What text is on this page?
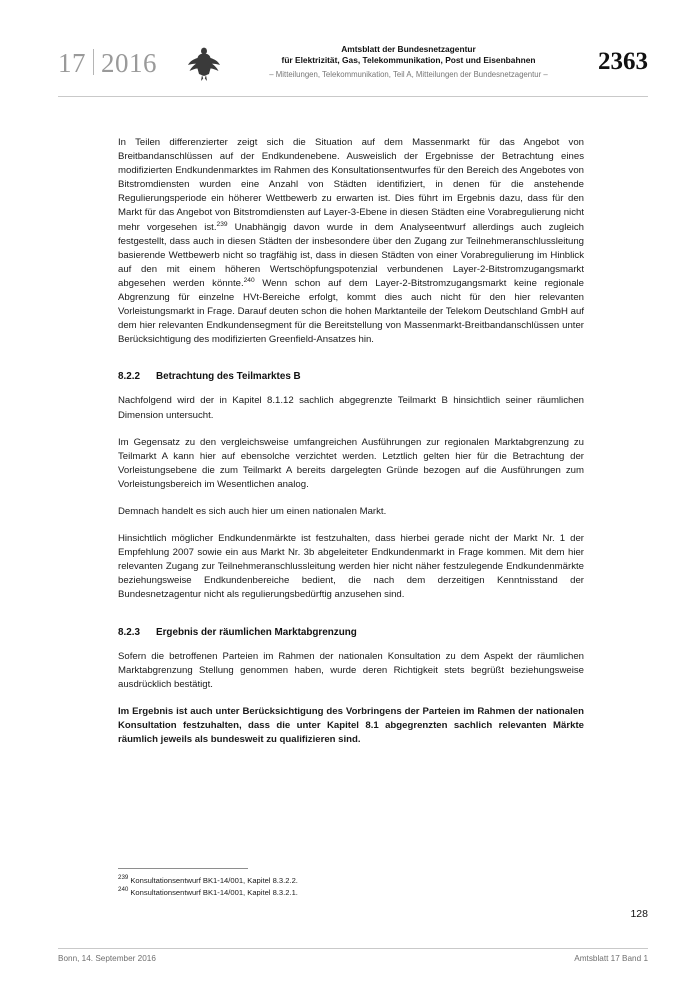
17 2016	Amtsblatt der Bundesnetzagentur
für Elektrizität, Gas, Telekommunikation, Post und Eisenbahnen
– Mitteilungen, Telekommunikation, Teil A, Mitteilungen der Bundesnetzagentur –	2363

In Teilen differenzierter zeigt sich die Situation auf dem Massenmarkt für das Angebot von Breitbandanschlüssen auf der Endkundenebene. Ausweislich der Ergebnisse der Betrachtung eines modifizierten Endkundenmarktes im Rahmen des Konsultationsentwurfes für den Bereich des Angebotes von Bitstromdiensten wurden eine Anzahl von Städten identifiziert, in denen für die anstehende Regulierungsperiode ein höherer Wettbewerb zu erwarten ist. Dies führt im Ergebnis dazu, dass für den Markt für das Angebot von Bitstromdiensten auf Layer-3-Ebene in diesen Städten eine Vorabregulierung nicht mehr vorgesehen ist.$^{239}$ Unabhängig davon wurde in dem Analyseentwurf allerdings auch zugleich festgestellt, dass auch in diesen Städten der insbesondere über den Zugang zur Teilnehmeranschlussleitung basierende Wettbewerb nicht so tragfähig ist, dass in diesen Städten von einer Vorabregulierung im Hinblick auf den mit einem höheren Wertschöpfungspotenzial verbundenen Layer-2-Bitstromzugangsmarkt abgesehen werden könnte.$^{240}$ Wenn schon auf dem Layer-2-Bitstromzugangsmarkt keine regionale Abgrenzung für einzelne HVt-Bereiche erfolgt, kommt dies auch nicht für den hier relevanten Vorleistungsmarkt in Frage. Darauf deuten schon die hohen Marktanteile der Telekom Deutschland GmbH auf dem hier relevanten Endkundensegment für die Bereitstellung von Massenmarkt-Breitbandanschlüssen unter Berücksichtigung des modifizierten Greenfield-Ansatzes hin.

8.2.2 Betrachtung des Teilmarktes B

Nachfolgend wird der in Kapitel 8.1.12 sachlich abgegrenzte Teilmarkt B hinsichtlich seiner räumlichen Dimension untersucht.

Im Gegensatz zu den vergleichsweise umfangreichen Ausführungen zur regionalen Marktabgrenzung zu Teilmarkt A kann hier auf ebensolche verzichtet werden. Letztlich gelten hier für die Betrachtung der Vorleistungsebene die zum Teilmarkt A bereits dargelegten Gründe bezogen auf die Ausführungen zum Vorleistungsbereich im Wesentlichen analog.

Demnach handelt es sich auch hier um einen nationalen Markt.

Hinsichtlich möglicher Endkundenmärkte ist festzuhalten, dass hierbei gerade nicht der Markt Nr. 1 der Empfehlung 2007 sowie ein aus Markt Nr. 3b abgeleiteter Endkundenmarkt in Frage kommen. Mit dem hier relevanten Zugang zur Teilnehmeranschlussleitung werden hier nicht näher festzulegende Endkundenmärkte beziehungsweise Endkundenbereiche bedient, die nach dem derzeitigen Kenntnisstand der Bundesnetzagentur nicht als regulierungsbedürftig anzusehen sind.

8.2.3 Ergebnis der räumlichen Marktabgrenzung

Sofern die betroffenen Parteien im Rahmen der nationalen Konsultation zu dem Aspekt der räumlichen Marktabgrenzung Stellung genommen haben, wurde deren Richtigkeit stets begrüßt beziehungsweise ausdrücklich bestätigt.

Im Ergebnis ist auch unter Berücksichtigung des Vorbringens der Parteien im Rahmen der nationalen Konsultation festzuhalten, dass die unter Kapitel 8.1 abgegrenzten sachlich relevanten Märkte räumlich jeweils als bundesweit zu qualifizieren sind.

$^{239}$ Konsultationsentwurf BK1-14/001, Kapitel 8.3.2.2.

$^{240}$ Konsultationsentwurf BK1-14/001, Kapitel 8.3.2.1.

128
Bonn, 14. September 2016	Amtsblatt 17 Band 1
